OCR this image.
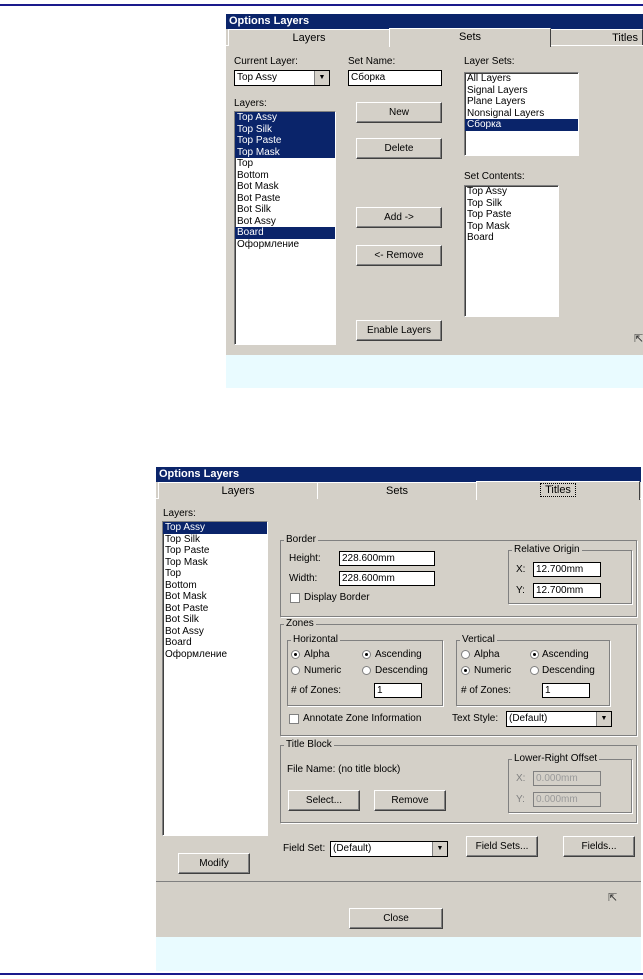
Options Layers
Layers	Sets	Titles
Current Layer:
Top Assy	▼
Set Name:
Сборка
Layer Sets:
All Layers
Signal Layers
Plane Layers
Nonsignal Layers
Сборка
Layers:
Top Assy
Top Silk
Top Paste
Top Mask
Top
Bottom
Bot Mask
Bot Paste
Bot Silk
Bot Assy
Board
Оформление
New
Delete
Add ->
<- Remove
Enable Layers
Set Contents:
Top Assy
Top Silk
Top Paste
Top Mask
Board
⇱
Options Layers
Layers	Sets	Titles
Layers:
Top Assy
Top Silk
Top Paste
Top Mask
Top
Bottom
Bot Mask
Bot Paste
Bot Silk
Bot Assy
Board
Оформление
Modify
Border
Height:	228.600mm
Width:	228.600mm
Display Border
Relative Origin
X:	12.700mm
Y:	12.700mm
Zones
Horizontal
Alpha	Ascending
Numeric	Descending
# of Zones:	1
Vertical
Alpha	Ascending
Numeric	Descending
# of Zones:	1
Annotate Zone Information	Text Style:	(Default)	▼
Title Block
File Name: (no title block)
Select...	Remove
Lower-Right Offset
X:	0.000mm
Y:	0.000mm
Field Set: (Default)	▼	Field Sets...	Fields...
Close
⇱
